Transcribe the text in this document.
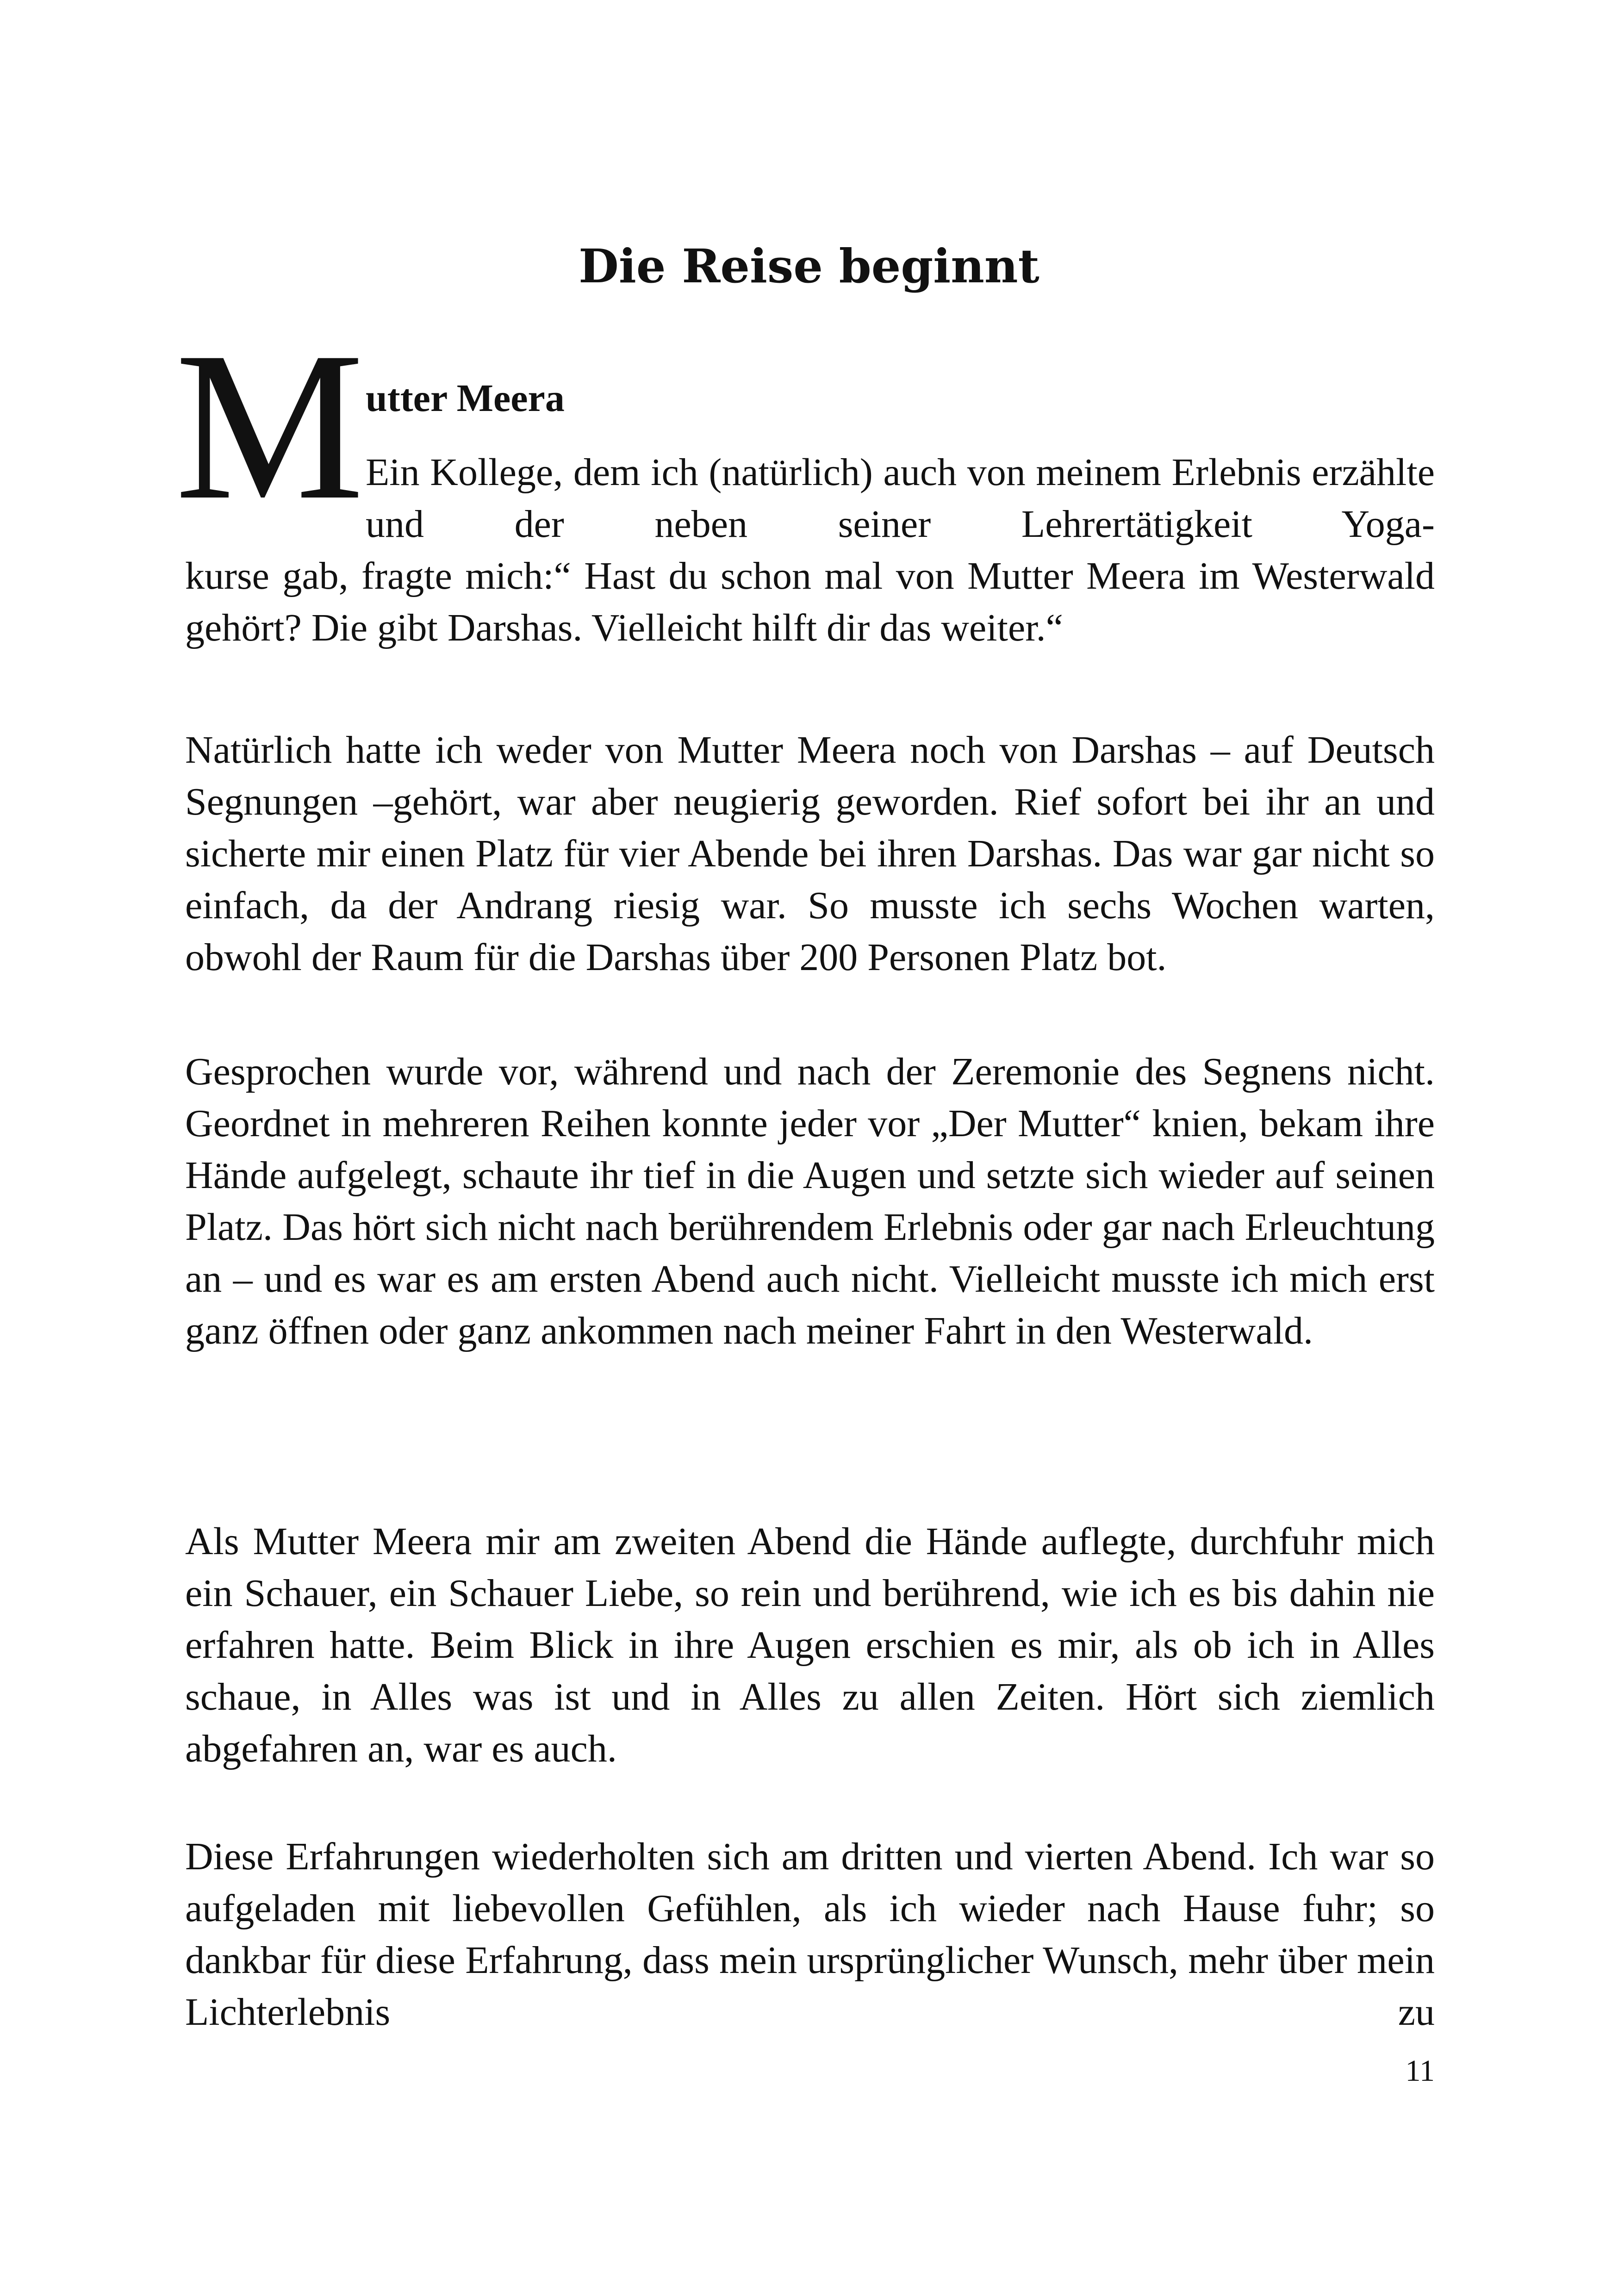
Die Reise beginnt
M utter Meera

Ein Kollege, dem ich (natürlich) auch von meinem Erlebnis erzählte und der neben seiner Lehrertätigkeit Yoga-

kurse gab, fragte mich:“ Hast du schon mal von Mutter Meera im Westerwald gehört? Die gibt Darshas. Vielleicht hilft dir das weiter.“

Natürlich hatte ich weder von Mutter Meera noch von Darshas – auf Deutsch Segnungen –gehört, war aber neugierig geworden. Rief sofort bei ihr an und sicherte mir einen Platz für vier Abende bei ihren Darshas. Das war gar nicht so einfach, da der Andrang riesig war. So musste ich sechs Wochen warten, obwohl der Raum für die Darshas über 200 Personen Platz bot.

Gesprochen wurde vor, während und nach der Zeremonie des Segnens nicht. Geordnet in mehreren Reihen konnte jeder vor „Der Mutter“ knien, bekam ihre Hände aufgelegt, schaute ihr tief in die Augen und setzte sich wieder auf seinen Platz. Das hört sich nicht nach berührendem Erlebnis oder gar nach Erleuchtung an – und es war es am ersten Abend auch nicht. Vielleicht musste ich mich erst ganz öffnen oder ganz ankommen nach meiner Fahrt in den Westerwald.

Als Mutter Meera mir am zweiten Abend die Hände auflegte, durchfuhr mich ein Schauer, ein Schauer Liebe, so rein und berührend, wie ich es bis dahin nie erfahren hatte. Beim Blick in ihre Augen erschien es mir, als ob ich in Alles schaue, in Alles was ist und in Alles zu allen Zeiten. Hört sich ziemlich abgefahren an, war es auch.

Diese Erfahrungen wiederholten sich am dritten und vierten Abend. Ich war so aufgeladen mit liebevollen Gefühlen, als ich wieder nach Hause fuhr; so dankbar für diese Erfahrung, dass mein ursprünglicher Wunsch, mehr über mein Lichterlebnis zu

11
